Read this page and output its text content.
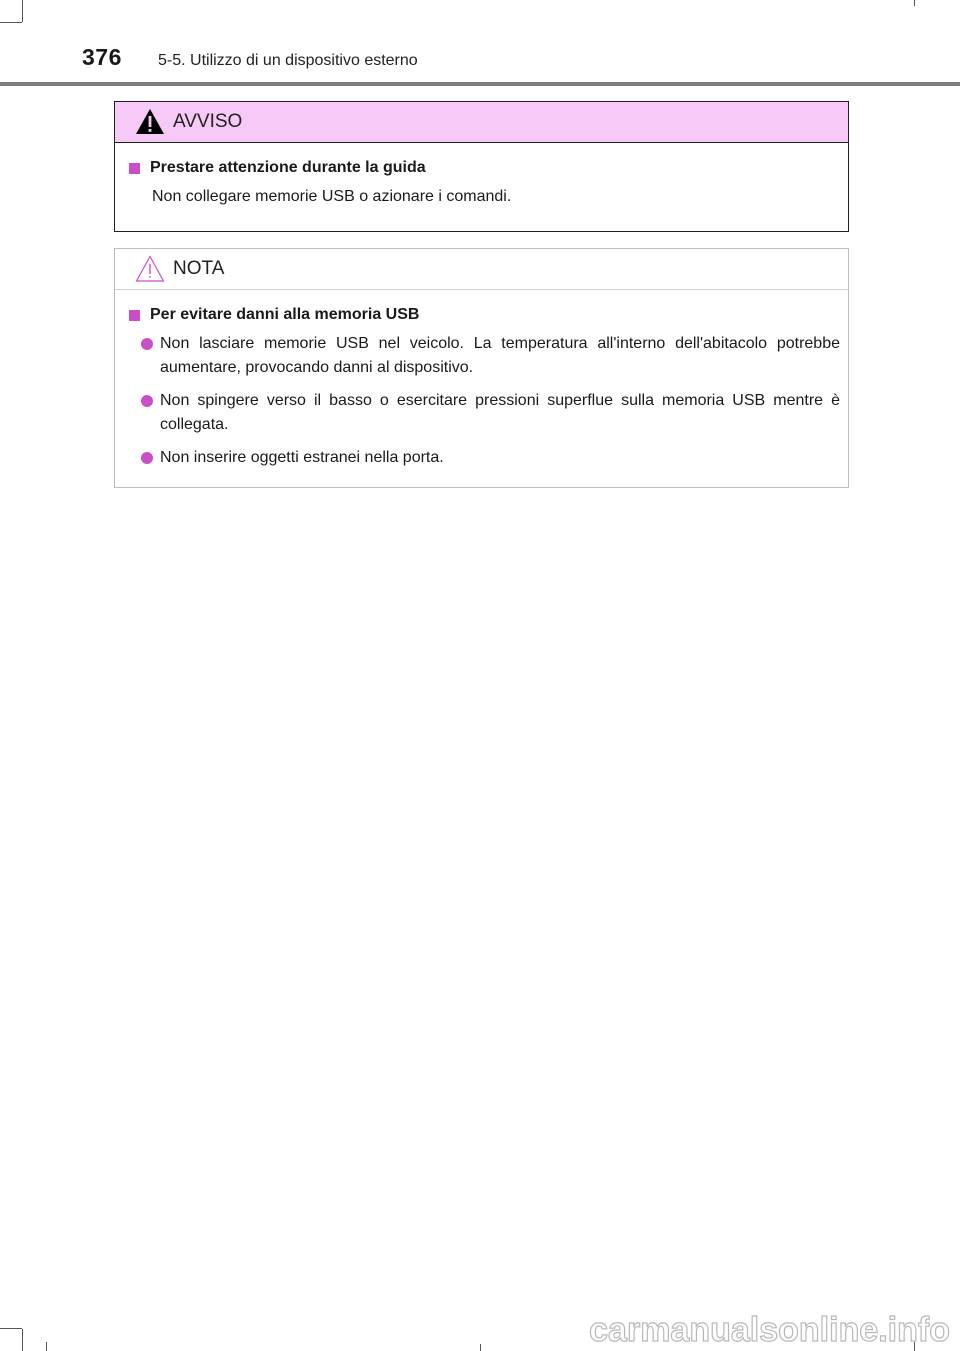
376 5-5. Utilizzo di un dispositivo esterno
AVVISO
Prestare attenzione durante la guida
Non collegare memorie USB o azionare i comandi.
NOTA
Per evitare danni alla memoria USB
Non lasciare memorie USB nel veicolo. La temperatura all'interno dell'abitacolo potrebbe aumentare, provocando danni al dispositivo.
Non spingere verso il basso o esercitare pressioni superflue sulla memoria USB mentre è collegata.
Non inserire oggetti estranei nella porta.
carmanualsonline.info
